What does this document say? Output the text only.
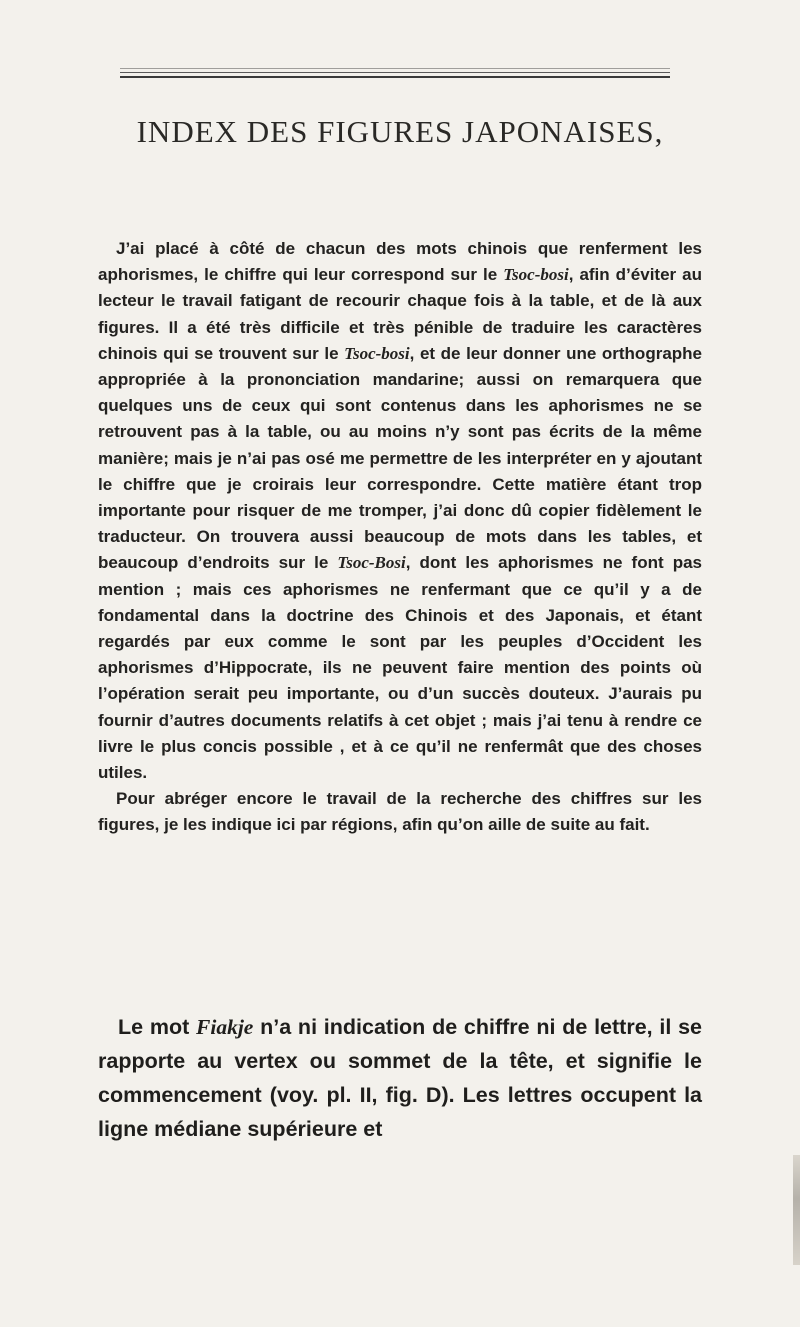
INDEX DES FIGURES JAPONAISES,

J’ai placé à côté de chacun des mots chinois que renferment les aphorismes, le chiffre qui leur correspond sur le Tsoc-bosi, afin d’éviter au lecteur le travail fatigant de recourir chaque fois à la table, et de là aux figures. Il a été très difficile et très pénible de traduire les caractères chinois qui se trouvent sur le Tsoc-bosi, et de leur donner une orthographe appropriée à la prononciation mandarine; aussi on remarquera que quelques uns de ceux qui sont contenus dans les aphorismes ne se retrouvent pas à la table, ou au moins n’y sont pas écrits de la même manière; mais je n’ai pas osé me permettre de les interpréter en y ajoutant le chiffre que je croirais leur correspondre. Cette matière étant trop importante pour risquer de me tromper, j’ai donc dû copier fidèlement le traducteur. On trouvera aussi beaucoup de mots dans les tables, et beaucoup d’endroits sur le Tsoc-Bosi, dont les aphorismes ne font pas mention ; mais ces aphorismes ne renfermant que ce qu’il y a de fondamental dans la doctrine des Chinois et des Japonais, et étant regardés par eux comme le sont par les peuples d’Occident les aphorismes d’Hippocrate, ils ne peuvent faire mention des points où l’opération serait peu importante, ou d’un succès douteux. J’aurais pu fournir d’autres documents relatifs à cet objet ; mais j’ai tenu à rendre ce livre le plus concis possible , et à ce qu’il ne renfermât que des choses utiles.

Pour abréger encore le travail de la recherche des chiffres sur les figures, je les indique ici par régions, afin qu’on aille de suite au fait.

Le mot Fiakje n’a ni indication de chiffre ni de lettre, il se rapporte au vertex ou sommet de la tête, et signifie le commencement (voy. pl. II, fig. D). Les lettres occupent la ligne médiane supérieure et
